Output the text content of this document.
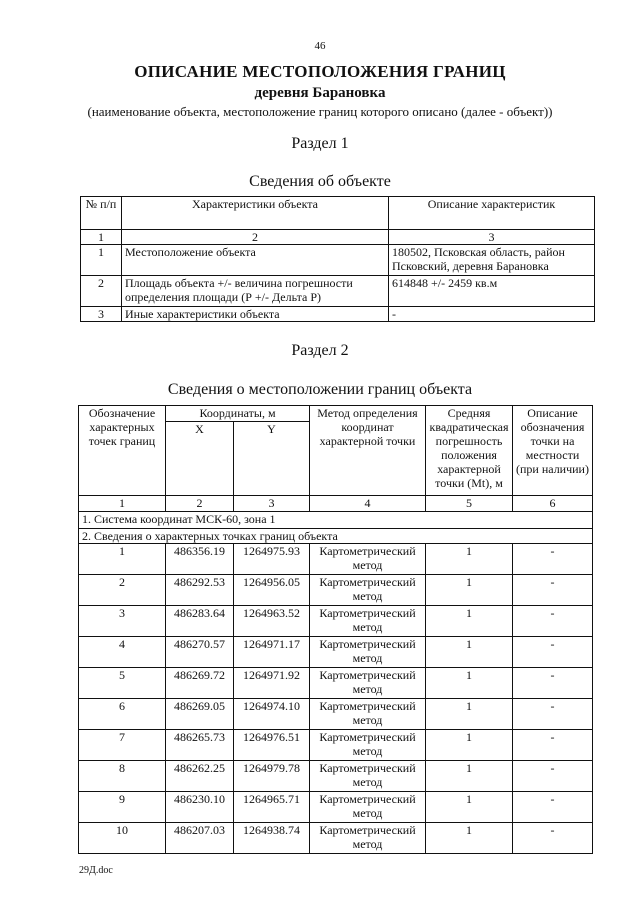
46
ОПИСАНИЕ МЕСТОПОЛОЖЕНИЯ ГРАНИЦ
деревня Барановка
(наименование объекта, местоположение границ которого описано (далее - объект))
Раздел 1
Сведения об объекте
№ п/п	Характеристики объекта	Описание характеристик
1	2	3
1	Местоположение объекта	180502, Псковская область, район Псковский, деревня Барановка
2	Площадь объекта +/- величина погрешности определения площади (Р +/- Дельта Р)	614848 +/- 2459 кв.м
3	Иные характеристики объекта	-
Раздел 2
Сведения о местоположении границ объекта
Обозначение характерных точек границ	Координаты, м		Метод определения координат характерной точки	Средняя квадратическая погрешность положения характерной точки (Mt), м	Описание обозначения точки на местности (при наличии)
	X	Y			
1	2	3	4	5	6
1. Система координат МСК-60, зона 1					
2. Сведения о характерных точках границ объекта					
1	486356.19	1264975.93	Картометрический метод	1	-
2	486292.53	1264956.05	Картометрический метод	1	-
3	486283.64	1264963.52	Картометрический метод	1	-
4	486270.57	1264971.17	Картометрический метод	1	-
5	486269.72	1264971.92	Картометрический метод	1	-
6	486269.05	1264974.10	Картометрический метод	1	-
7	486265.73	1264976.51	Картометрический метод	1	-
8	486262.25	1264979.78	Картометрический метод	1	-
9	486230.10	1264965.71	Картометрический метод	1	-
10	486207.03	1264938.74	Картометрический метод	1	-
29Д.doc
